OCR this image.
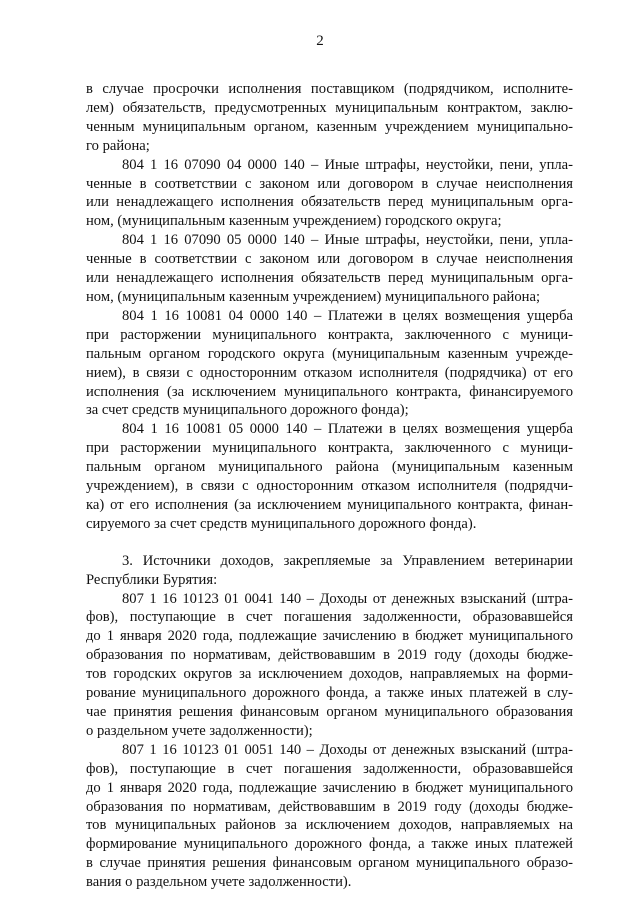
2
в случае просрочки исполнения поставщиком (подрядчиком, исполните-
лем) обязательств, предусмотренных муниципальным контрактом, заклю-
ченным муниципальным органом, казенным учреждением муниципально-
го района;
804 1 16 07090 04 0000 140 – Иные штрафы, неустойки, пени, упла-
ченные в соответствии с законом или договором в случае неисполнения
или ненадлежащего исполнения обязательств перед муниципальным орга-
ном, (муниципальным казенным учреждением) городского округа;
804 1 16 07090 05 0000 140 – Иные штрафы, неустойки, пени, упла-
ченные в соответствии с законом или договором в случае неисполнения
или ненадлежащего исполнения обязательств перед муниципальным орга-
ном, (муниципальным казенным учреждением) муниципального района;
804 1 16 10081 04 0000 140 – Платежи в целях возмещения ущерба
при расторжении муниципального контракта, заключенного с муници-
пальным органом городского округа (муниципальным казенным учрежде-
нием), в связи с односторонним отказом исполнителя (подрядчика) от его
исполнения (за исключением муниципального контракта, финансируемого
за счет средств муниципального дорожного фонда);
804 1 16 10081 05 0000 140 – Платежи в целях возмещения ущерба
при расторжении муниципального контракта, заключенного с муници-
пальным органом муниципального района (муниципальным казенным
учреждением), в связи с односторонним отказом исполнителя (подрядчи-
ка) от его исполнения (за исключением муниципального контракта, финан-
сируемого за счет средств муниципального дорожного фонда).
3. Источники доходов, закрепляемые за Управлением ветеринарии
Республики Бурятия:
807 1 16 10123 01 0041 140 – Доходы от денежных взысканий (штра-
фов), поступающие в счет погашения задолженности, образовавшейся
до 1 января 2020 года, подлежащие зачислению в бюджет муниципального
образования по нормативам, действовавшим в 2019 году (доходы бюдже-
тов городских округов за исключением доходов, направляемых на форми-
рование муниципального дорожного фонда, а также иных платежей в слу-
чае принятия решения финансовым органом муниципального образования
о раздельном учете задолженности);
807 1 16 10123 01 0051 140 – Доходы от денежных взысканий (штра-
фов), поступающие в счет погашения задолженности, образовавшейся
до 1 января 2020 года, подлежащие зачислению в бюджет муниципального
образования по нормативам, действовавшим в 2019 году (доходы бюдже-
тов муниципальных районов за исключением доходов, направляемых на
формирование муниципального дорожного фонда, а также иных платежей
в случае принятия решения финансовым органом муниципального образо-
вания о раздельном учете задолженности).
